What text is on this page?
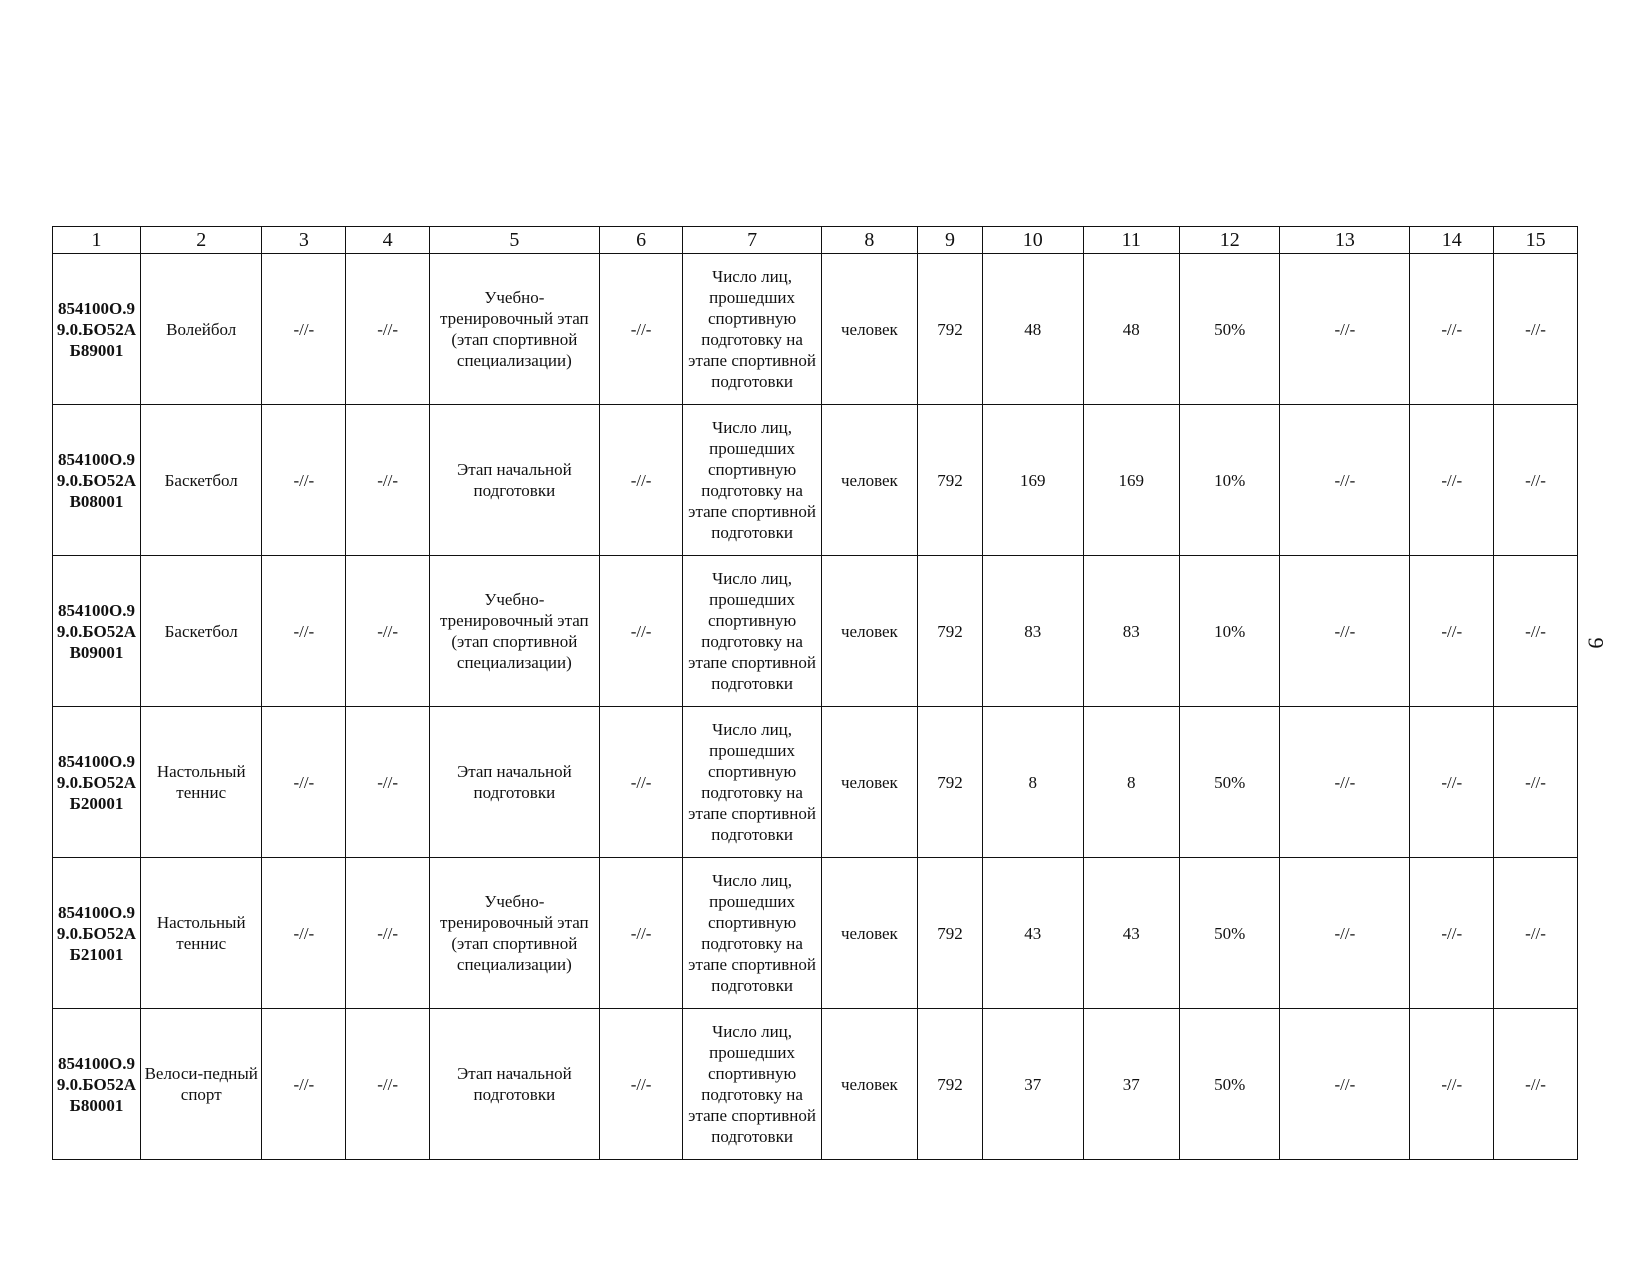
9
1	2	3	4	5	6	7	8	9	10	11	12	13	14	15
854100О.99.0.БО52АБ89001	Волейбол	-//-	-//-	Учебно-тренировочный этап (этап спортивной специализации)	-//-	Число лиц, прошедших спортивную подготовку на этапе спортивной подготовки	человек	792	48	48	50%	-//-	-//-	-//-
854100О.99.0.БО52АВ08001	Баскетбол	-//-	-//-	Этап начальной подготовки	-//-	Число лиц, прошедших спортивную подготовку на этапе спортивной подготовки	человек	792	169	169	10%	-//-	-//-	-//-
854100О.99.0.БО52АВ09001	Баскетбол	-//-	-//-	Учебно-тренировочный этап (этап спортивной специализации)	-//-	Число лиц, прошедших спортивную подготовку на этапе спортивной подготовки	человек	792	83	83	10%	-//-	-//-	-//-
854100О.99.0.БО52АБ20001	Настольный теннис	-//-	-//-	Этап начальной подготовки	-//-	Число лиц, прошедших спортивную подготовку на этапе спортивной подготовки	человек	792	8	8	50%	-//-	-//-	-//-
854100О.99.0.БО52АБ21001	Настольный теннис	-//-	-//-	Учебно-тренировочный этап (этап спортивной специализации)	-//-	Число лиц, прошедших спортивную подготовку на этапе спортивной подготовки	человек	792	43	43	50%	-//-	-//-	-//-
854100О.99.0.БО52АБ80001	Велоси-педный спорт	-//-	-//-	Этап начальной подготовки	-//-	Число лиц, прошедших спортивную подготовку на этапе спортивной подготовки	человек	792	37	37	50%	-//-	-//-	-//-
